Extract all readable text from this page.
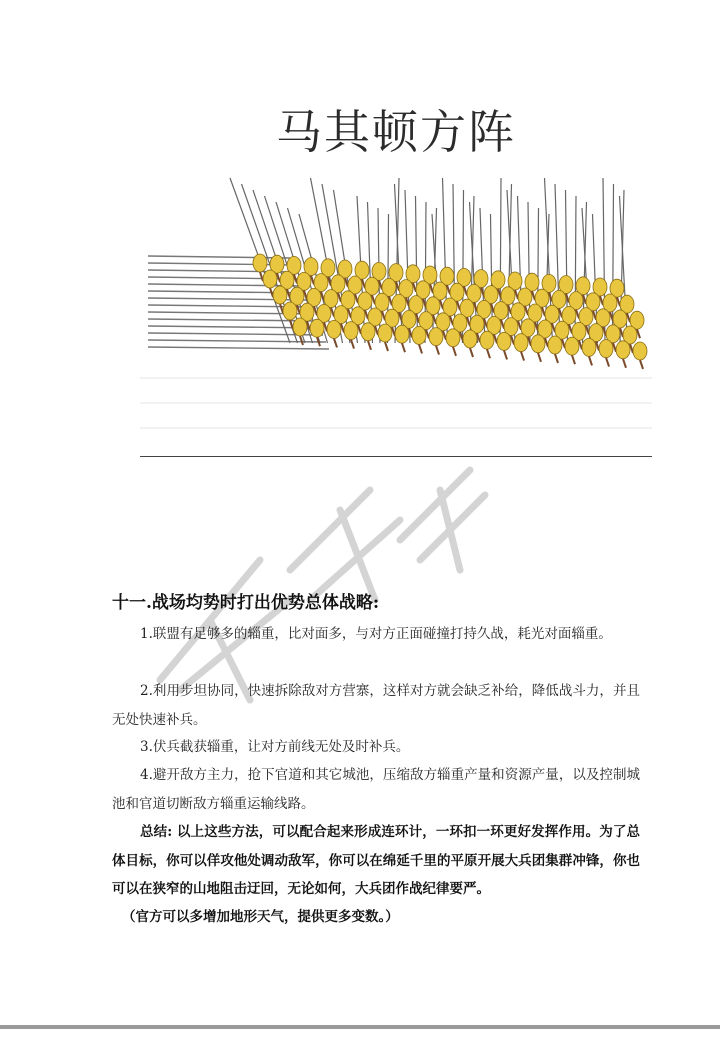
马其顿方阵
十一.战场均势时打出优势总体战略:

1.联盟有足够多的辎重，比对面多，与对方正面碰撞打持久战，耗光对面辎重。

2.利用步坦协同，快速拆除敌对方营寨，这样对方就会缺乏补给，降低战斗力，并且无处快速补兵。

3.伏兵截获辎重，让对方前线无处及时补兵。

4.避开敌方主力，抢下官道和其它城池，压缩敌方辎重产量和资源产量，以及控制城池和官道切断敌方辎重运输线路。

总结: 以上这些方法，可以配合起来形成连环计，一环扣一环更好发挥作用。为了总体目标，你可以佯攻他处调动敌军，你可以在绵延千里的平原开展大兵团集群冲锋，你也可以在狭窄的山地阻击迂回，无论如何，大兵团作战纪律要严。

（官方可以多增加地形天气，提供更多变数。）
